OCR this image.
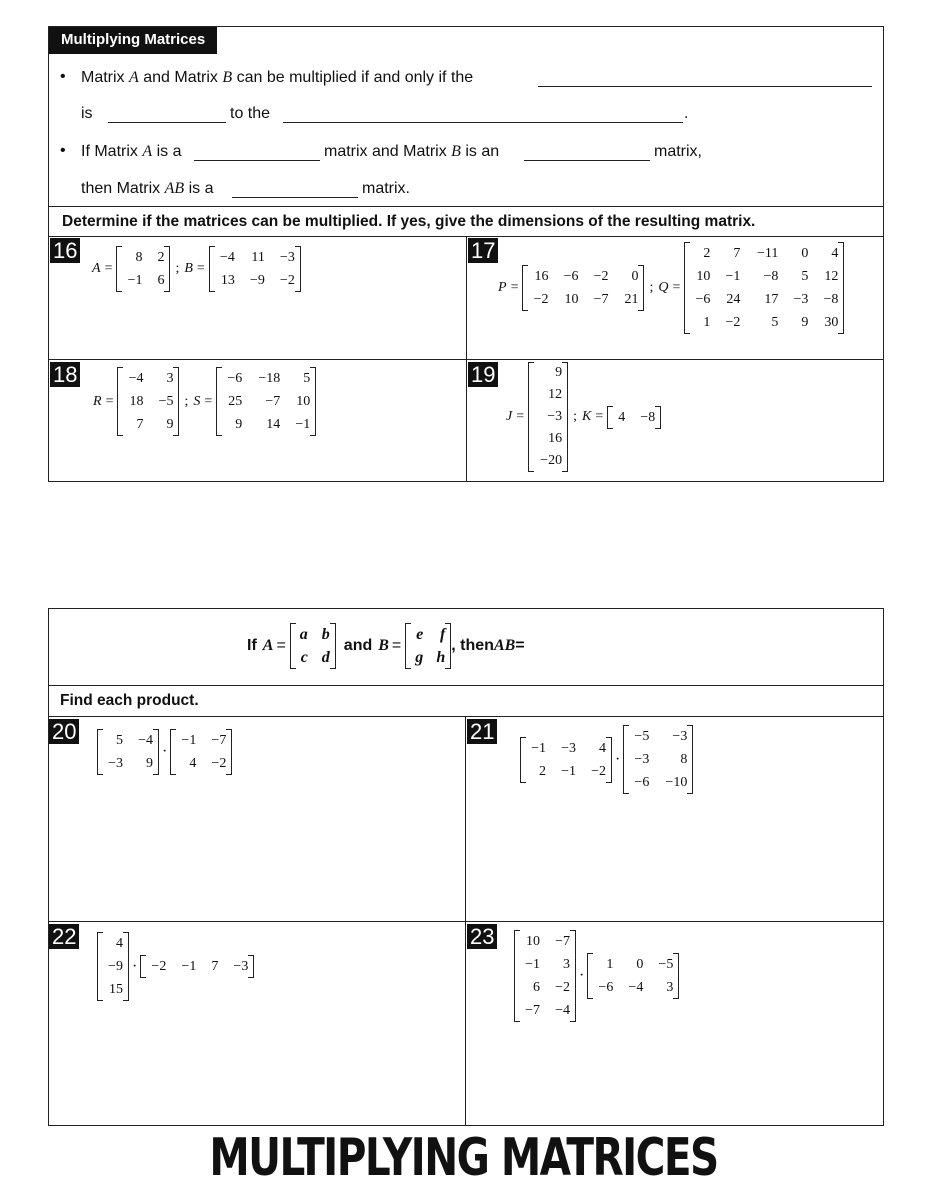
Multiplying Matrices
• Matrix A and Matrix B can be multiplied if and only if the
is	to the	.
• If Matrix A is a	matrix and Matrix B is an	matrix,
then Matrix AB is a	matrix.
Determine if the matrices can be multiplied. If yes, give the dimensions of the resulting matrix.
16
A =
8	2
−1	6
; B =
−4	11	−3
13	−9	−2
17
P =
16	−6	−2	0
−2	10	−7	21
; Q =
2	7	−11	0	4
10	−1	−8	5	12
−6	24	17	−3	−8
1	−2	5	9	30
18
R =
−4	3
18	−5
7	9
; S =
−6	−18	5
25	−7	10
9	14	−1
19
J =
9
12
−3
16
−20
; K =	4	−8
If A =
a b
c d
and B =
e	f
g h
, then AB =
Find each product.
20	5	−4
−3	9
·
−1	−7
4	−2
21
−1	−3	4
2	−1	−2
·
−5	−3
−3	8
−6	−10
22	4
−9
15
·	−2	−1	7	−3
23	10	−7
−1	3
6	−2
−7	−4
·
1	0	−5
−6	−4	3
MULTIPLYING MATRICES
